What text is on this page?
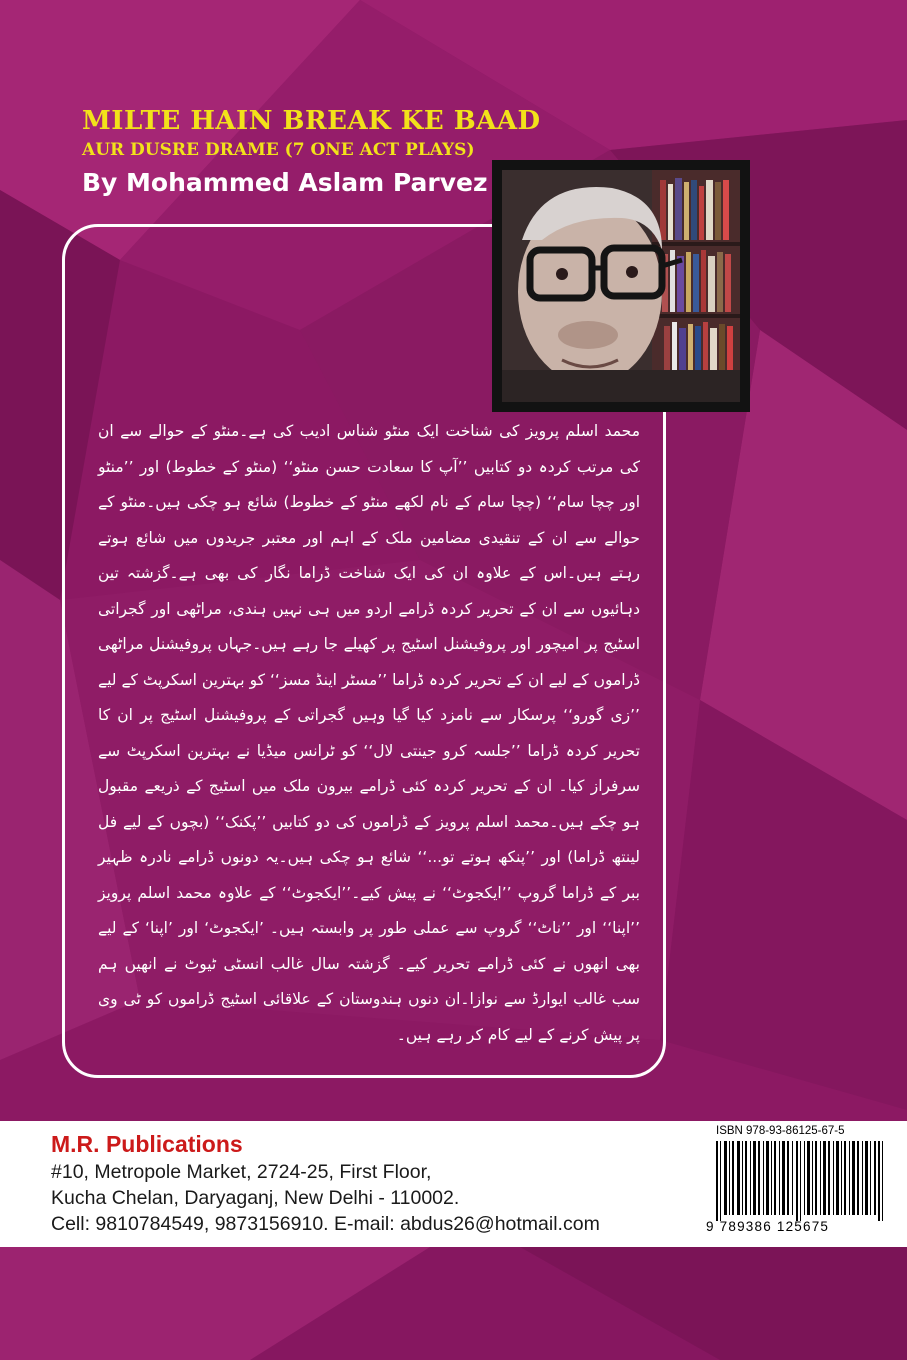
MILTE HAIN BREAK KE BAAD
AUR DUSRE DRAME (7 ONE ACT PLAYS)
By Mohammed Aslam Parvez

محمد اسلم پرویز کی شناخت ایک منٹو شناس ادیب کی ہے۔منٹو کے حوالے سے ان کی مرتب کردہ دو کتابیں ’’آپ کا سعادت حسن منٹو‘‘ (منٹو کے خطوط) اور ’’منٹو اور چچا سام‘‘ (چچا سام کے نام لکھے منٹو کے خطوط) شائع ہو چکی ہیں۔منٹو کے حوالے سے ان کے تنقیدی مضامین ملک کے اہم اور معتبر جریدوں میں شائع ہوتے رہتے ہیں۔اس کے علاوہ ان کی ایک شناخت ڈراما نگار کی بھی ہے۔گزشتہ تین دہائیوں سے ان کے تحریر کردہ ڈرامے اردو میں ہی نہیں ہندی، مراٹھی اور گجراتی اسٹیج پر امیچور اور پروفیشنل اسٹیج پر کھیلے جا رہے ہیں۔جہاں پروفیشنل مراٹھی ڈراموں کے لیے ان کے تحریر کردہ ڈراما ’’مسٹر اینڈ مسز‘‘ کو بہترین اسکرپٹ کے لیے ’’زی گورو‘‘ پرسکار سے نامزد کیا گیا وہیں گجراتی کے پروفیشنل اسٹیج پر ان کا تحریر کردہ ڈراما ’’جلسہ کرو جینتی لال‘‘ کو ٹرانس میڈیا نے بہترین اسکرپٹ سے سرفراز کیا۔ ان کے تحریر کردہ کئی ڈرامے بیرون ملک میں اسٹیج کے ذریعے مقبول ہو چکے ہیں۔محمد اسلم پرویز کے ڈراموں کی دو کتابیں ’’پکنک‘‘ (بچوں کے لیے فل لینتھ ڈراما) اور ’’پنکھ ہوتے تو...‘‘ شائع ہو چکی ہیں۔یہ دونوں ڈرامے نادرہ ظہیر ببر کے ڈراما گروپ ’’ایکجوٹ‘‘ نے پیش کیے۔’’ایکجوٹ‘‘ کے علاوہ محمد اسلم پرویز ’’اپنا‘‘ اور ’’ناٹ‘‘ گروپ سے عملی طور پر وابستہ ہیں۔ ’ایکجوٹ‘ اور ’اپنا‘ کے لیے بھی انھوں نے کئی ڈرامے تحریر کیے۔ گزشتہ سال غالب انسٹی ٹیوٹ نے انھیں ہم سب غالب ایوارڈ سے نوازا۔ان دنوں ہندوستان کے علاقائی اسٹیج ڈراموں کو ٹی وی پر پیش کرنے کے لیے کام کر رہے ہیں۔

M.R. Publications
#10, Metropole Market, 2724-25, First Floor,
Kucha Chelan, Daryaganj, New Delhi - 110002.
Cell: 9810784549, 9873156910. E-mail: abdus26@hotmail.com
ISBN 978-93-86125-67-5
9 789386 125675
